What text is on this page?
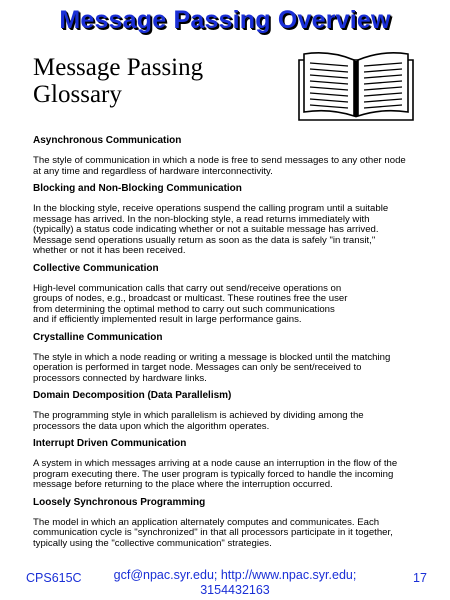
Message Passing Overview
Message Passing
Glossary
Asynchronous Communication
The style of communication in which a node is free to send messages to any other node
at any time and regardless of hardware interconnectivity.
Blocking and Non-Blocking Communication
In the blocking style, receive operations suspend the calling program until a suitable
message has arrived. In the non-blocking style, a read returns immediately with
(typically) a status code indicating whether or not a suitable message has arrived.
Message send operations usually return as soon as the data is safely "in transit,"
whether or not it has been received.
Collective Communication
High-level communication calls that carry out send/receive operations on
groups of nodes, e.g., broadcast or multicast. These routines free the user
from determining the optimal method to carry out such communications
and if efficiently implemented result in large performance gains.
Crystalline Communication
The style in which a node reading or writing a message is blocked until the matching
operation is performed in target node. Messages can only be sent/received to
processors connected by hardware links.
Domain Decomposition (Data Parallelism)
The programming style in which parallelism is achieved by dividing among the
processors the data upon which the algorithm operates.
Interrupt Driven Communication
A system in which messages arriving at a node cause an interruption in the flow of the
program executing there. The user program is typically forced to handle the incoming
message before returning to the place where the interruption occurred.
Loosely Synchronous Programming
The model in which an application alternately computes and communicates. Each
communication cycle is "synchronized" in that all processors participate in it together,
typically using the "collective communication" strategies.
CPS615C	gcf@npac.syr.edu; http://www.npac.syr.edu;
3154432163
17
